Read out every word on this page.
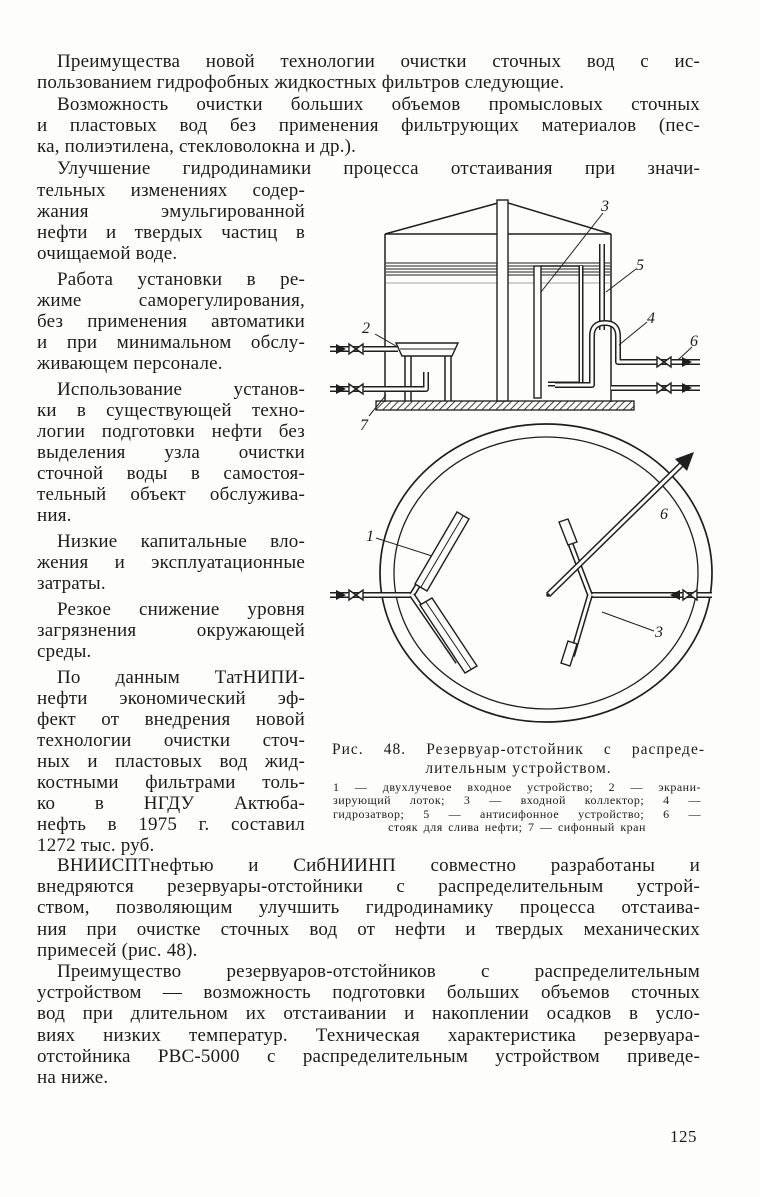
Преимущества новой технологии очистки сточных вод с ис-
пользованием гидрофобных жидкостных фильтров следующие.
Возможность очистки больших объемов промысловых сточных
и пластовых вод без применения фильтрующих материалов (пес-
ка, полиэтилена, стекловолокна и др.).
Улучшение гидродинамики процесса отстаивания при значи-
тельных изменениях содер-
жания эмульгированной
нефти и твердых частиц в
очищаемой воде.
Работа установки в ре-
жиме саморегулирования,
без применения автоматики
и при минимальном обслу-
живающем персонале.
Использование установ-
ки в существующей техно-
логии подготовки нефти без
выделения узла очистки
сточной воды в самостоя-
тельный объект обслужива-
ния.
Низкие капитальные вло-
жения и эксплуатационные
затраты.
Резкое снижение уровня
загрязнения окружающей
среды.
По данным ТатНИПИ-
нефти экономический эф-
фект от внедрения новой
технологии очистки сточ-
ных и пластовых вод жид-
костными фильтрами толь-
ко в НГДУ Актюба-
нефть в 1975 г. составил
1272 тыс. руб.
2
7
3
5
4
6
1
6
3
Рис. 48. Резервуар-отстойник с распреде-
лительным устройством.
1 — двухлучевое входное устройство; 2 — экрани-
зирующий лоток; 3 — входной коллектор; 4 —
гидрозатвор; 5 — антисифонное устройство; 6 —
стояк для слива нефти; 7 — сифонный кран
ВНИИСПТнефтью и СибНИИНП совместно разработаны и
внедряются резервуары-отстойники с распределительным устрой-
ством, позволяющим улучшить гидродинамику процесса отстаива-
ния при очистке сточных вод от нефти и твердых механических
примесей (рис. 48).
Преимущество резервуаров-отстойников с распределительным
устройством — возможность подготовки больших объемов сточных
вод при длительном их отстаивании и накоплении осадков в усло-
виях низких температур. Техническая характеристика резервуара-
отстойника РВС-5000 с распределительным устройством приведе-
на ниже.
125
